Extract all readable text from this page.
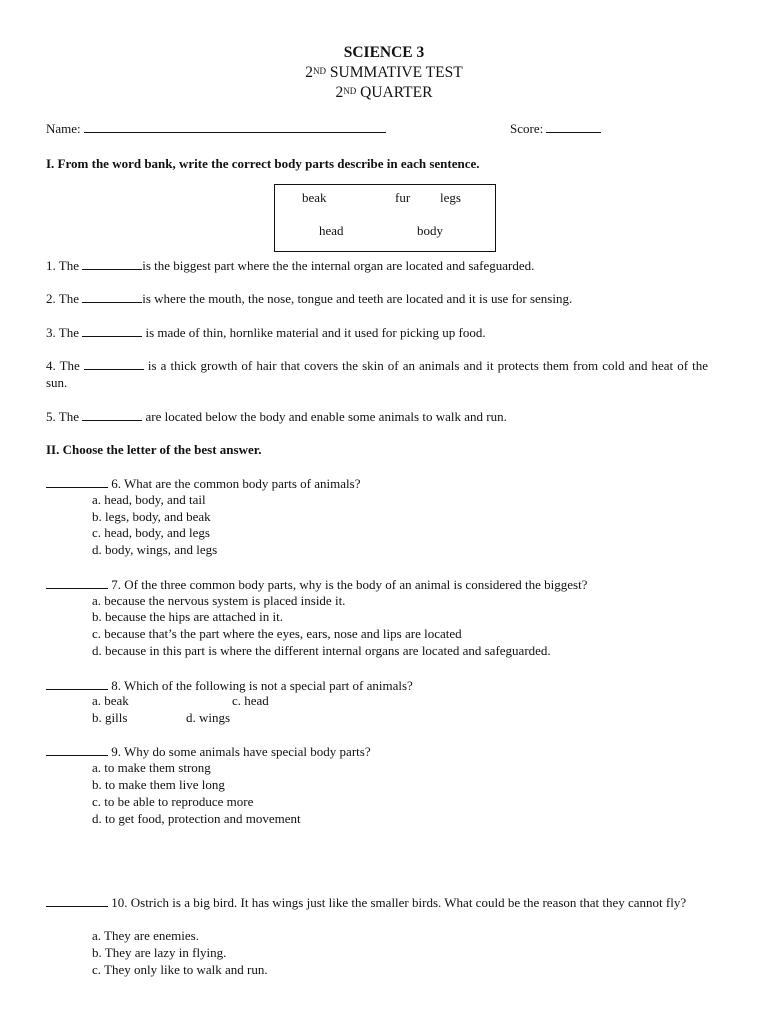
SCIENCE 3
2ND SUMMATIVE TEST
2ND QUARTER
Name:	Score:
I. From the word bank, write the correct body parts describe in each sentence.
beak	fur legs
head	body
1. The	is the biggest part where the the internal organ are located and safeguarded.
2. The	is where the mouth, the nose, tongue and teeth are located and it is use for sensing.
3. The	is made of thin, hornlike material and it used for picking up food.
4. The	is a thick growth of hair that covers the skin of an animals and it protects them from cold and heat of the sun.
5. The	are located below the body and enable some animals to walk and run.
II. Choose the letter of the best answer.
6. What are the common body parts of animals?
a. head, body, and tail
b. legs, body, and beak
c. head, body, and legs
d. body, wings, and legs
7. Of the three common body parts, why is the body of an animal is considered the biggest?
a. because the nervous system is placed inside it.
b. because the hips are attached in it.
c. because that’s the part where the eyes, ears, nose and lips are located
d. because in this part is where the different internal organs are located and safeguarded.
8. Which of the following is not a special part of animals?
a. beak	c. head
b. gills	d. wings
9. Why do some animals have special body parts?
a. to make them strong
b. to make them live long
c. to be able to reproduce more
d. to get food, protection and movement
10. Ostrich is a big bird. It has wings just like the smaller birds. What could be the reason that they cannot fly?
a. They are enemies.
b. They are lazy in flying.
c. They only like to walk and run.
